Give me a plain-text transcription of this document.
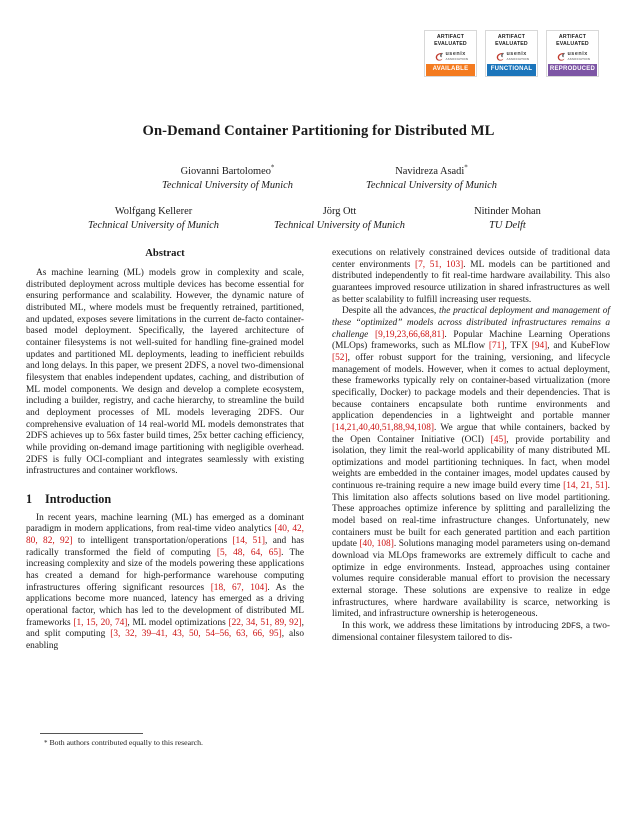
ARTIFACT
EVALUATED
usenix
ASSOCIATION
AVAILABLE
ARTIFACT
EVALUATED
usenix
ASSOCIATION
FUNCTIONAL
ARTIFACT
EVALUATED
usenix
ASSOCIATION
REPRODUCED
On-Demand Container Partitioning for Distributed ML
Giovanni Bartolomeo*
Technical University of Munich
Navidreza Asadi*
Technical University of Munich
Wolfgang Kellerer
Technical University of Munich
Jörg Ott
Technical University of Munich
Nitinder Mohan
TU Delft
Abstract

As machine learning (ML) models grow in complexity and scale, distributed deployment across multiple devices has become essential for ensuring performance and scalability. However, the dynamic nature of distributed ML, where models must be frequently retrained, partitioned, and updated, exposes severe limitations in the current de-facto container-based model deployment. Specifically, the layered architecture of container filesystems is not well-suited for handling fine-grained model updates and partitioned ML deployments, leading to inefficient rebuilds and long delays. In this paper, we present 2DFS, a novel two-dimensional filesystem that enables independent updates, caching, and distribution of ML model components. We design and develop a complete ecosystem, including a builder, registry, and cache hierarchy, to streamline the build and deployment processes of ML models leveraging 2DFS. Our comprehensive evaluation of 14 real-world ML models demonstrates that 2DFS achieves up to 56x faster build times, 25x better caching efficiency, while providing on-demand image partitioning with negligible overhead. 2DFS is fully OCI-compliant and integrates seamlessly with existing infrastructures and container workflows.

1	Introduction

In recent years, machine learning (ML) has emerged as a dominant paradigm in modern applications, from real-time video analytics [40, 42, 80, 82, 92] to intelligent transportation/operations [14, 51], and has radically transformed the field of computing [5, 48, 64, 65]. The increasing complexity and size of the models powering these applications has created a demand for high-performance warehouse computing infrastructures offering significant resources [18, 67, 104]. As the applications become more nuanced, latency has emerged as a driving operational factor, which has led to the development of distributed ML frameworks [1, 15, 20, 74], ML model optimizations [22, 34, 51, 89, 92], and split computing [3, 32, 39–41, 43, 50, 54–56, 63, 66, 95], also enabling

executions on relatively constrained devices outside of traditional data center environments [7, 51, 103]. ML models can be partitioned and distributed independently to fit real-time hardware availability. This also guarantees improved resource utilization in shared infrastructures as well as better scalability to fulfill increasing user requests.

Despite all the advances, the practical deployment and management of these “optimized” models across distributed infrastructures remains a challenge [9,19,23,66,68,81]. Popular Machine Learning Operations (MLOps) frameworks, such as MLflow [71], TFX [94], and KubeFlow [52], offer robust support for the training, versioning, and lifecycle management of models. However, when it comes to actual deployment, these frameworks typically rely on container-based virtualization (more specifically, Docker) to package models and their dependencies. That is because containers encapsulate both runtime environments and application dependencies in a lightweight and portable manner [14,21,40,40,51,88,94,108]. We argue that while containers, backed by the Open Container Initiative (OCI) [45], provide portability and isolation, they limit the real-world applicability of many distributed ML optimizations and model partitioning techniques. In fact, when model weights are embedded in the container images, model updates caused by continuous re-training require a new image build every time [14, 21, 51]. This limitation also affects solutions based on live model partitioning. These approaches optimize inference by splitting and parallelizing the model based on real-time infrastructure changes. Unfortunately, new containers must be built for each generated partition and each partition update [40, 108]. Solutions managing model parameters using on-demand download via MLOps frameworks are extremely difficult to cache and optimize in edge environments. Instead, approaches using container volumes require considerable manual effort to provision the necessary external storage. These solutions are expensive to realize in edge infrastructures, where hardware availability is scarce, networking is limited, and infrastructure ownership is heterogeneous.

In this work, we address these limitations by introducing 2DFS, a two-dimensional container filesystem tailored to dis-

* Both authors contributed equally to this research.
